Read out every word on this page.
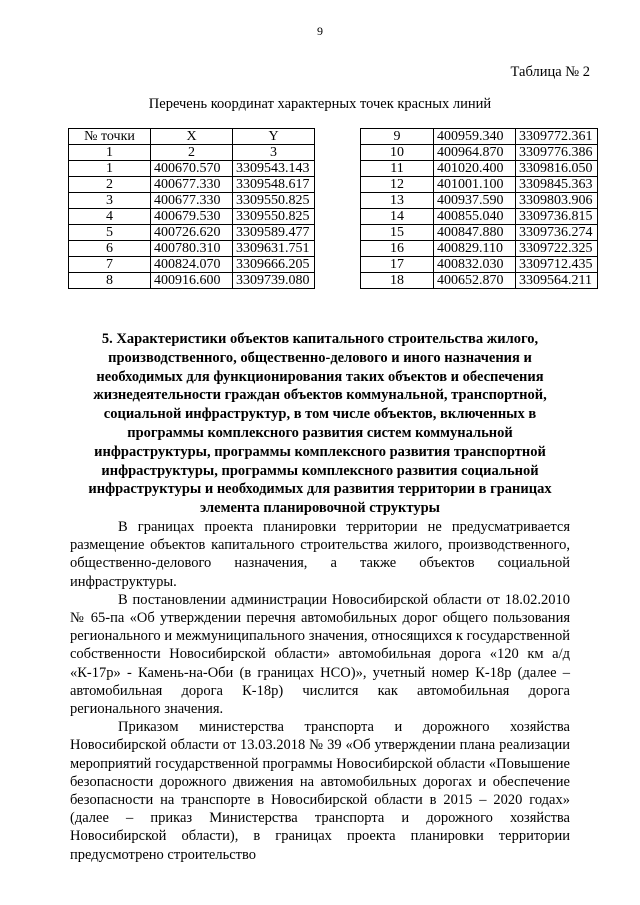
9
Таблица № 2
Перечень координат характерных точек красных линий
№ точки	X	Y
1	2	3
1	400670.570	3309543.143
2	400677.330	3309548.617
3	400677.330	3309550.825
4	400679.530	3309550.825
5	400726.620	3309589.477
6	400780.310	3309631.751
7	400824.070	3309666.205
8	400916.600	3309739.080
9	400959.340	3309772.361
10	400964.870	3309776.386
11	401020.400	3309816.050
12	401001.100	3309845.363
13	400937.590	3309803.906
14	400855.040	3309736.815
15	400847.880	3309736.274
16	400829.110	3309722.325
17	400832.030	3309712.435
18	400652.870	3309564.211
5. Характеристики объектов капитального строительства жилого, производственного, общественно-делового и иного назначения и необходимых для функционирования таких объектов и обеспечения жизнедеятельности граждан объектов коммунальной, транспортной, социальной инфраструктур, в том числе объектов, включенных в программы комплексного развития систем коммунальной инфраструктуры, программы комплексного развития транспортной инфраструктуры, программы комплексного развития социальной инфраструктуры и необходимых для развития территории в границах элемента планировочной структуры

В границах проекта планировки территории не предусматривается размещение объектов капитального строительства жилого, производственного, общественно-делового назначения, а также объектов социальной инфраструктуры.

В постановлении администрации Новосибирской области от 18.02.2010 № 65-па «Об утверждении перечня автомобильных дорог общего пользования регионального и межмуниципального значения, относящихся к государственной собственности Новосибирской области» автомобильная дорога «120 км а/д «К-17р» - Камень-на-Оби (в границах НСО)», учетный номер К-18р (далее – автомобильная дорога К-18р) числится как автомобильная дорога регионального значения.

Приказом министерства транспорта и дорожного хозяйства Новосибирской области от 13.03.2018 № 39 «Об утверждении плана реализации мероприятий государственной программы Новосибирской области «Повышение безопасности дорожного движения на автомобильных дорогах и обеспечение безопасности на транспорте в Новосибирской области в 2015 – 2020 годах» (далее – приказ Министерства транспорта и дорожного хозяйства Новосибирской области), в границах проекта планировки территории предусмотрено строительство
